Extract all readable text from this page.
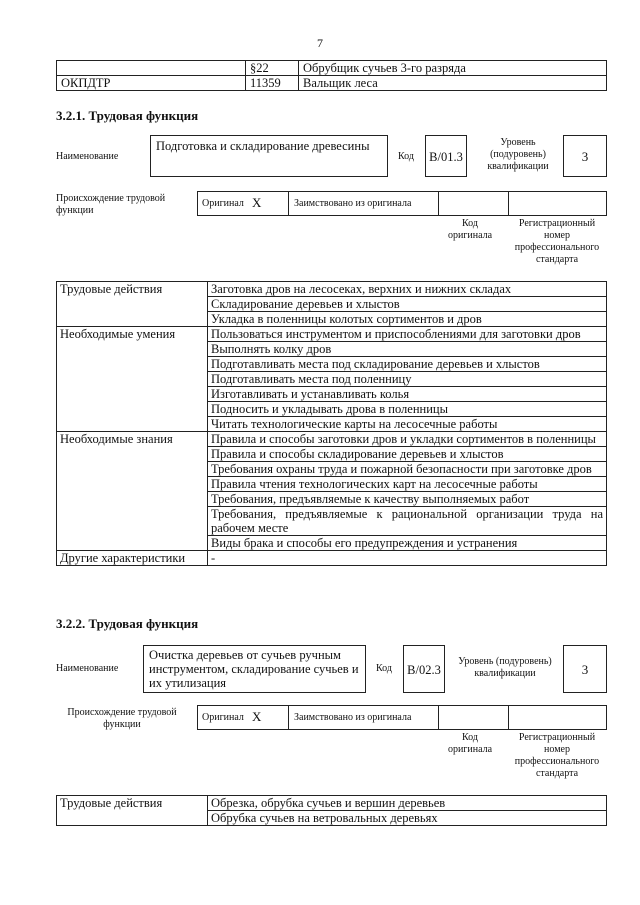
7
	§22	Обрубщик сучьев 3-го разряда
ОКПДТР	11359	Вальщик леса
3.2.1. Трудовая функция
Наименование
Подготовка и складирование древесины
Код	B/01.3
Уровень (подуровень) квалификации
3
Происхождение трудовой функции
Оригинал X	Заимствовано из оригинала
Код оригинала
Регистрационный номер профессионального стандарта
Трудовые действия	Заготовка дров на лесосеках, верхних и нижних складах
	Складирование деревьев и хлыстов
	Укладка в поленницы колотых сортиментов и дров
Необходимые умения	Пользоваться инструментом и приспособлениями для заготовки дров
	Выполнять колку дров
	Подготавливать места под складирование деревьев и хлыстов
	Подготавливать места под поленницу
	Изготавливать и устанавливать колья
	Подносить и укладывать дрова в поленницы
	Читать технологические карты на лесосечные работы
Необходимые знания	Правила и способы заготовки дров и укладки сортиментов в поленницы
	Правила и способы складирование деревьев и хлыстов
	Требования охраны труда и пожарной безопасности при заготовке дров
	Правила чтения технологических карт на лесосечные работы
	Требования, предъявляемые к качеству выполняемых работ
	Требования, предъявляемые к рациональной организации труда на рабочем месте
	Виды брака и способы его предупреждения и устранения
Другие характеристики	-
3.2.2. Трудовая функция
Наименование
Очистка деревьев от сучьев ручным инструментом, складирование сучьев и их утилизация
Код	B/02.3
Уровень (подуровень) квалификации	3
Происхождение трудовой функции
Оригинал X	Заимствовано из оригинала
Код оригинала
Регистрационный номер профессионального стандарта
Трудовые действия	Обрезка, обрубка сучьев и вершин деревьев
	Обрубка сучьев на ветровальных деревьях
